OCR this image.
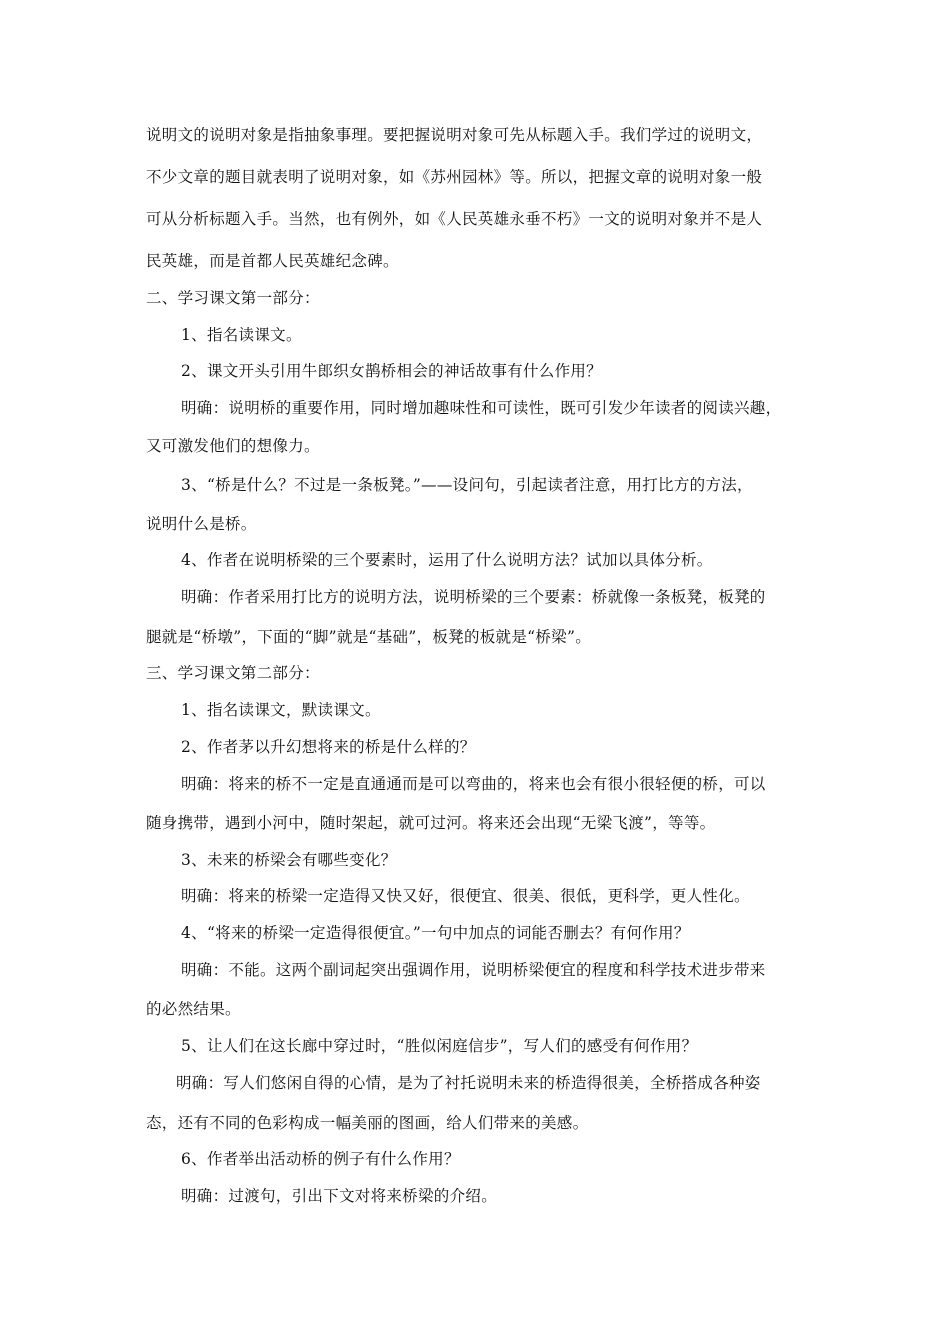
说明文的说明对象是指抽象事理。要把握说明对象可先从标题入手。我们学过的说明文，

不少文章的题目就表明了说明对象，如《苏州园林》等。所以，把握文章的说明对象一般

可从分析标题入手。当然，也有例外，如《人民英雄永垂不朽》一文的说明对象并不是人

民英雄，而是首都人民英雄纪念碑。

二、学习课文第一部分：

1、指名读课文。

2、课文开头引用牛郎织女鹊桥相会的神话故事有什么作用？

明确：说明桥的重要作用，同时增加趣味性和可读性，既可引发少年读者的阅读兴趣，

又可激发他们的想像力。

3、“桥是什么？不过是一条板凳。”——设问句，引起读者注意，用打比方的方法，

说明什么是桥。

4、作者在说明桥梁的三个要素时，运用了什么说明方法？试加以具体分析。

明确：作者采用打比方的说明方法，说明桥梁的三个要素：桥就像一条板凳，板凳的

腿就是“桥墩”，下面的“脚”就是“基础”，板凳的板就是“桥梁”。

三、学习课文第二部分：

1、指名读课文，默读课文。

2、作者茅以升幻想将来的桥是什么样的？

明确：将来的桥不一定是直通通而是可以弯曲的，将来也会有很小很轻便的桥，可以

随身携带，遇到小河中，随时架起，就可过河。将来还会出现“无梁飞渡”，等等。

3、未来的桥梁会有哪些变化？

明确：将来的桥梁一定造得又快又好，很便宜、很美、很低，更科学，更人性化。

4、“将来的桥梁一定造得很便宜。”一句中加点的词能否删去？有何作用？

明确：不能。这两个副词起突出强调作用，说明桥梁便宜的程度和科学技术进步带来

的必然结果。

5、让人们在这长廊中穿过时，“胜似闲庭信步”，写人们的感受有何作用？

明确：写人们悠闲自得的心情，是为了衬托说明未来的桥造得很美，全桥搭成各种姿

态，还有不同的色彩构成一幅美丽的图画，给人们带来的美感。

6、作者举出活动桥的例子有什么作用？

明确：过渡句，引出下文对将来桥梁的介绍。
